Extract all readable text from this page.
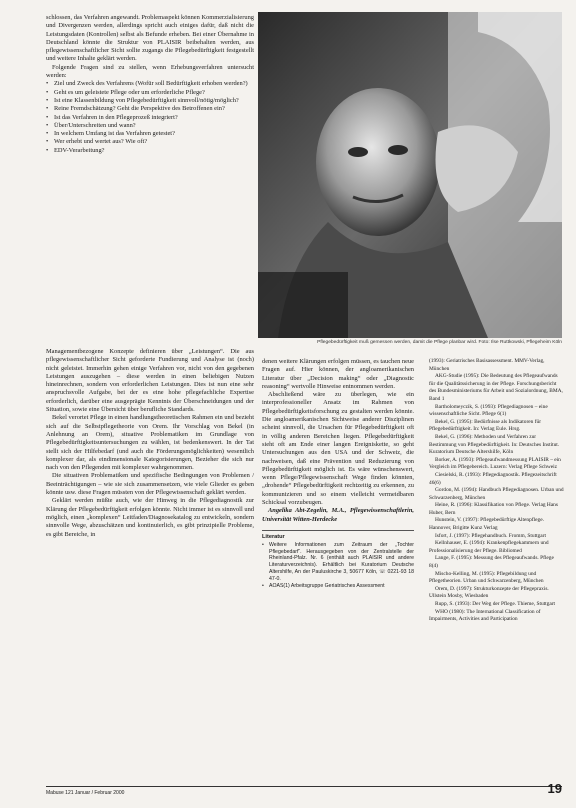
schlossen, das Verfahren angewandt. Problemaspekt können Kommerzialisierung und Divergenzen werden, allerdings spricht auch einiges dafür, daß nicht die Leistungsdaten (Kontrollen) selbst als Befunde erheben. Bei einer Übernahme in Deutschland könnte die Struktur von PLAISIR beibehalten werden, aus pflegewissenschaftlicher Sicht sollte zugangs die Pflegebedürftigkeit festgestellt und weitere Inhalte geklärt werden.

Folgende Fragen sind zu stellen, wenn Erhebungsverfahren untersucht werden:

• Ziel und Zweck des Verfahrens (Wofür soll Bedürftigkeit erhoben werden?)
• Geht es um geleistete Pflege oder um erforderliche Pflege?
• Ist eine Klassenbildung von Pflegebedürftigkeit sinnvoll/nötig/möglich?
• Reine Fremdschätzung? Geht die Perspektive des Betroffenen ein?
• Ist das Verfahren in den Pflegeprozeß integriert?
• Über/Unterschreiten und wann?
• In welchem Umfang ist das Verfahren getestet?
• Wer erhebt und wertet aus? Wie oft?
• EDV-Verarbeitung?
Pflegebedürftigkeit muß gemessen werden, damit die Pflege planbar wird. Foto: Ilse Ruttkowski, Pflegeheim Köln

Managementbezogene Konzepte definieren über „Leistungen“. Die aus pflegewissenschaftlicher Sicht geforderte Fundierung und Analyse ist (noch) nicht geleistet. Immerhin gehen einige Verfahren vor, nicht von den gegebenen Leistungen auszugehen – diese werden in einen beliebigen Nutzen hineinrechnen, sondern von erforderlichen Leistungen. Dies ist nun eine sehr anspruchsvolle Aufgabe, bei der es eine hohe pflegefachliche Expertise erforderlich, darüber eine ausgeprägte Kenntnis der Überschneidungen und der Situation, sowie eine Übersicht über berufliche Standards.

Bekel verortet Pflege in einen handlungstheoretischen Rahmen ein und bezieht sich auf die Selbstpflegetheorie von Orem. Ihr Vorschlag von Bekel (in Anlehnung an Orem), situative Problematiken im Grundlage von Pflegebedürftigkeitsuntersuchungen zu wählen, ist bedenkenswert. In der Tat stellt sich der Hilfebedarf (und auch die Förderungsmöglichkeiten) wesentlich komplexer dar, als eindimensionale Kategorisierungen, Bezieher die sich nur nach von den Pflegenden mit komplexer wahrgenommen.

Die situativen Problematiken und spezifische Bedingungen von Problemen / Beeinträchtigungen – wie sie sich zusammensetzen, wie viele Glieder es geben könnte usw. diese Fragen müssten von der Pflegewissenschaft geklärt werden.

Geklärt werden müßte auch, wie der Hinweg in die Pflegediagnostik zur Klärung der Pflegebedürftigkeit erfolgen könnte. Nicht immer ist es sinnvoll und möglich, einen „komplexen“ Leitfaden/Diagnosekatalog zu entwickeln, sondern sinnvolle Wege, abzuschätzen und kontinuierlich, es gibt prinzipielle Probleme, es gibt Bereiche, in

denen weitere Klärungen erfolgen müssen, es tauchen neue Fragen auf. Hier können, der angloamerikanischen Literatur über „Decision making“ oder „Diagnostic reasoning“ wertvolle Hinweise entnommen werden.

Abschließend wäre zu überlegen, wie ein interprofessioneller Ansatz im Rahmen von Pflegebedürftigkeitsforschung zu gestalten werden könnte. Die angloamerikanischen Sichtweise anderer Disziplinen scheint sinnvoll, die Ursachen für Pflegebedürftigkeit oft in völlig anderen Bereichen liegen. Pflegebedürftigkeit sieht oft am Ende einer langen Ereigniskette, so geht Untersuchungen aus den USA und der Schweiz, die nachweisen, daß eine Prävention und Reduzierung von Pflegebedürftigkeit möglich ist. Es wäre wünschenswert, wenn Pflege/Pflegewissenschaft Wege finden könnten, „drohende“ Pflegebedürftigkeit rechtzeitig zu erkennen, zu kommunizieren und so einem vielleicht vermeidbaren Schicksal vorzubeugen.

Angelika Abt-Zegelin, M.A., Pflegewissenschaftlerin, Universität Witten-Herdecke

Literatur
• Weitere Informationen zum Zeitraum der „Tochter Pflegebedarf“. Herausgegeben von der Zentralstelle der Rheinland-Pfalz. Nr. 6 (enthält auch PLAISIR und andere Literaturverzeichnis). Erhältlich bei Kuratorium Deutsche Altershilfe, An der Pauluskirche 3, 50677 Köln, ☏ 0221-93 18 47-0.
• AOAS(1) Arbeitsgruppe Geriatrisches Assessment

(1993): Geriatrisches Basisassessment. MMV-Verlag, München

AKG-Studie (1995): Die Bedeutung des Pflegeaufwands für die Qualitätssicherung in der Pflege. Forschungsbericht des Bundesministeriums für Arbeit und Sozialordnung, BMA, Band 1

Bartholomeyczik, S. (1993): Pflegediagnosen – eine wissenschaftliche Sicht. Pflege 6(1)

Bekel, G. (1995): Bedürfnisse als Indikatoren für Pflegebedürftigkeit. In: Verlag Eule. Hrsg.

Bekel, G. (1996): Methoden und Verfahren zur Bestimmung von Pflegebedürftigkeit. In: Deutsches Institut. Kuratorium Deutsche Altershilfe, Köln

Borker, A. (1993): Pflegeaufwandmessung PLAISIR – ein Vergleich im Pflegebereich. Luzern: Verlag Pflege Schweiz

Ciesielski, R. (1993): Pflegediagnostik. Pflegezeitschrift 46(6)

Gordon, M. (1994): Handbuch Pflegediagnosen. Urban und Schwarzenberg, München

Heine, R. (1996): Klassifikation von Pflege. Verlag Hans Huber, Bern

Hunstein, V. (1997): Pflegebedürftige Altenpflege. Hannover, Brigitte Kunz Verlag

Isfort, J. (1997): Pflegehandbuch. Fromm, Stuttgart

Kellnhauser, E. (1994): Krankenpflegekammern und Professionalisierung der Pflege. Bibliomed

Lange, F. (1995): Messung des Pflegeaufwands. Pflege 8(4)

Mischo-Kelling, M. (1995): Pflegebildung und Pflegetheorien. Urban und Schwarzenberg, München

Orem, D. (1997): Strukturkonzepte der Pflegepraxis. Ullstein Mosby, Wiesbaden

Rupp, S. (1993): Der Weg der Pflege. Thieme, Stuttgart

WHO (1980): The International Classification of Impairments, Activities and Participation

Mabuse 121 Januar / Februar 2000	19
